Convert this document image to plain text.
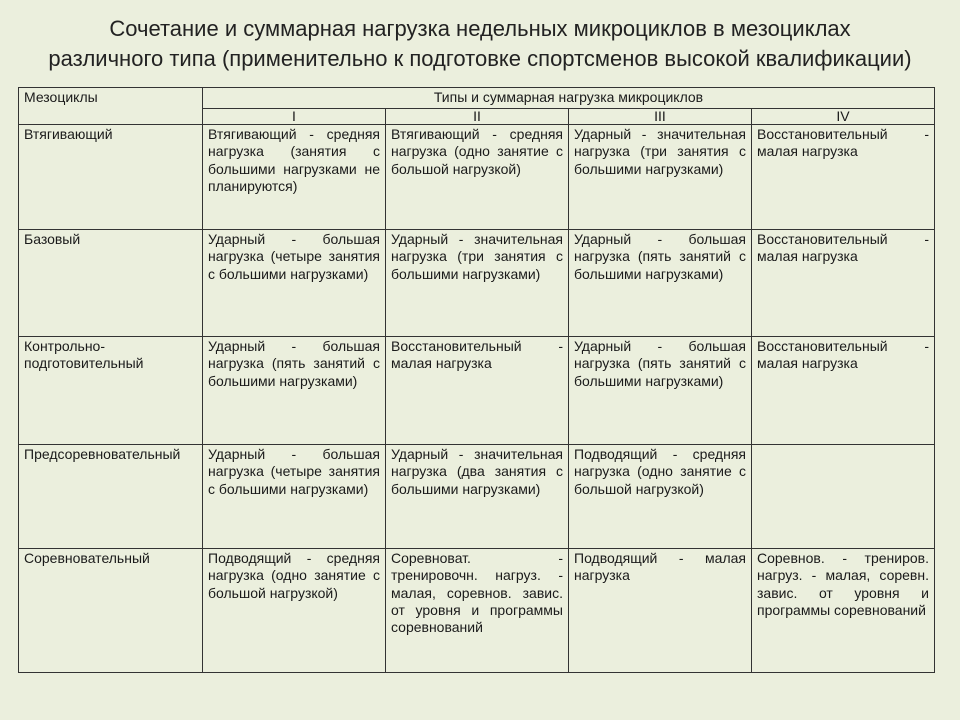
Сочетание и суммарная нагрузка недельных микроциклов в мезоциклах
различного типа (применительно к подготовке спортсменов высокой квалификации)
Мезоциклы	Типы и суммарная нагрузка микроциклов			
	I	II	III	IV
Втягивающий	Втягивающий - средняя нагрузка (занятия с большими нагрузками не планируются)	Втягивающий - средняя нагрузка (одно занятие с большой нагрузкой)	Ударный - значительная нагрузка (три занятия с большими нагрузками)	Восстановительный - малая нагрузка
Базовый	Ударный - большая нагрузка (четыре занятия с большими нагрузками)	Ударный - значительная нагрузка (три занятия с большими нагрузками)	Ударный - большая нагрузка (пять занятий с большими нагрузками)	Восстановительный - малая нагрузка
Контрольно-подготовительный	Ударный - большая нагрузка (пять занятий с большими нагрузками)	Восстановительный - малая нагрузка	Ударный - большая нагрузка (пять занятий с большими нагрузками)	Восстановительный - малая нагрузка
Предсоревновательный	Ударный - большая нагрузка (четыре занятия с большими нагрузками)	Ударный - значительная нагрузка (два занятия с большими нагрузками)	Подводящий - средняя нагрузка (одно занятие с большой нагрузкой)	
Соревновательный	Подводящий - средняя нагрузка (одно занятие с большой нагрузкой)	Соревноват. - тренировочн. нагруз. - малая, соревнов. завис. от уровня и программы соревнований	Подводящий - малая нагрузка	Соревнов. - трениров. нагруз. - малая, соревн. завис. от уровня и программы соревнований
